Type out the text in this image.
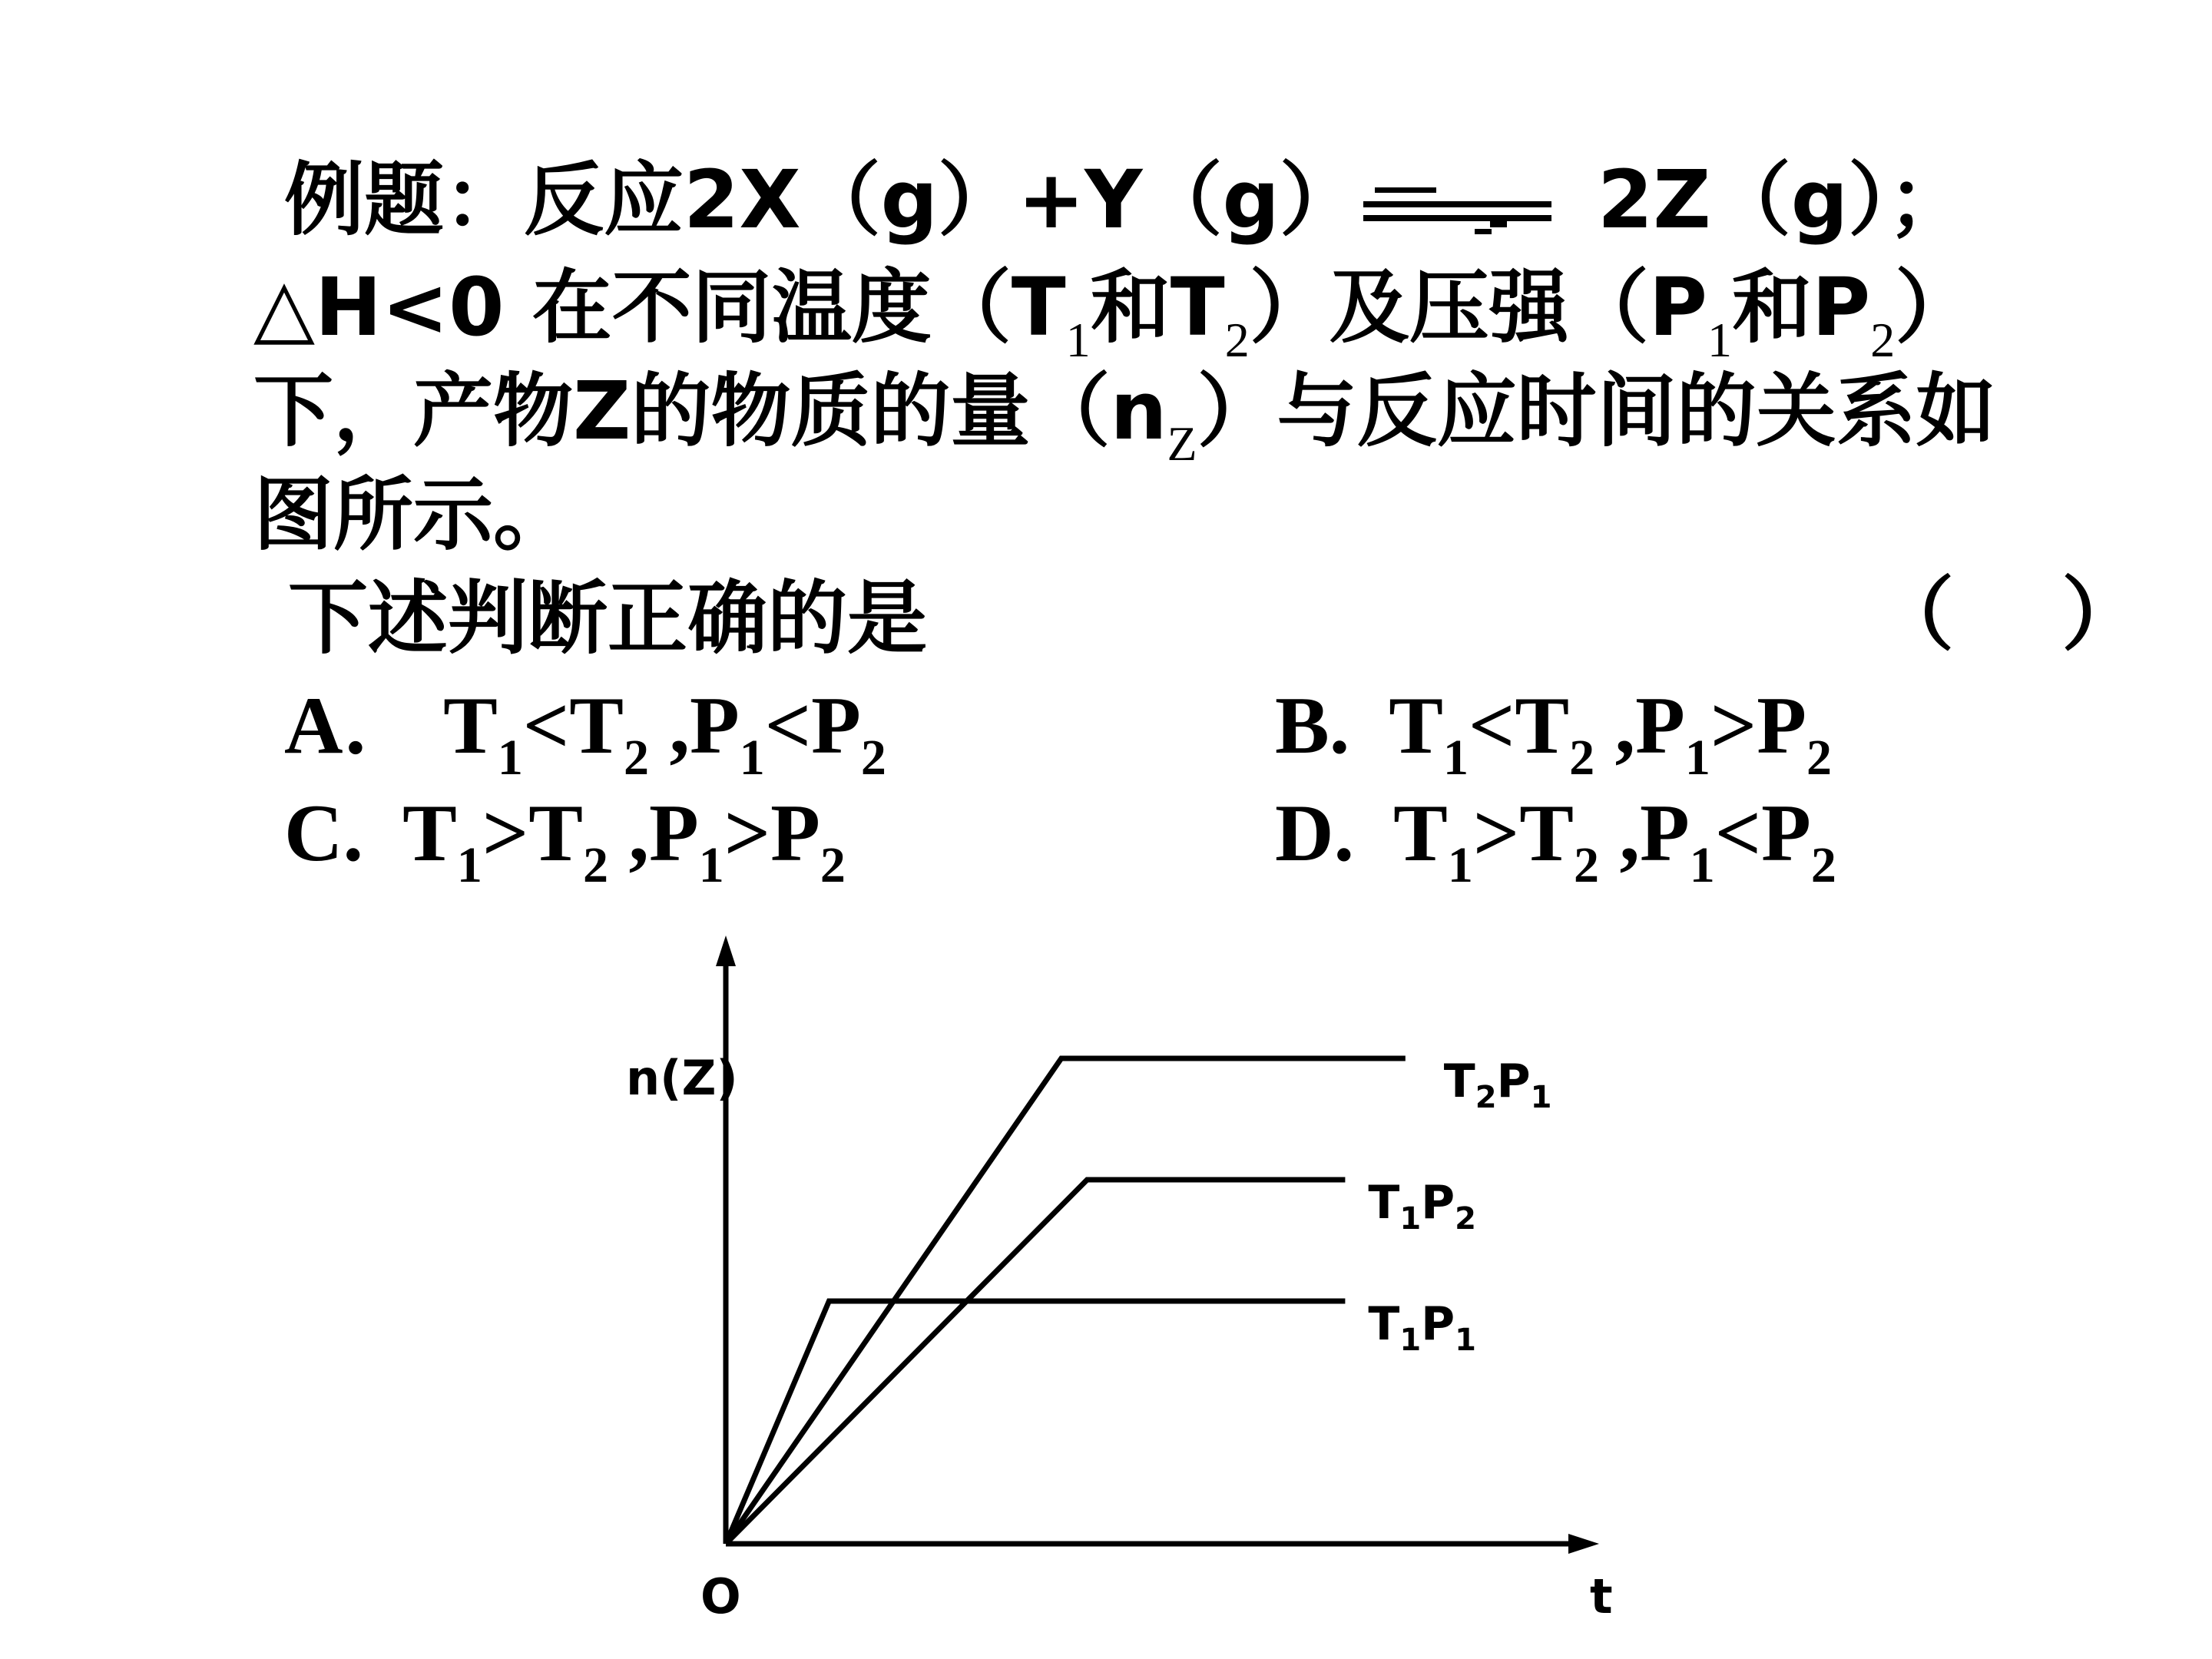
例题：反应2X（g）+Y（g）⇌ 2Z（g）；
△H<0 在不同温度（$T_1$和$T_2$）及压强（$P_1$和$P_2$）
下，产物Z的物质的量$(n_Z)$与反应时间的关系如
图所示。
下述判断正确的是	（　 ）
A． $T_1<T_2$ $,P_1<P_2$	B. $T_1<T_2$ $,P_1>P_2$
C. $T_1>T_2$ $,P_1>P_2$	D. $T_1>T_2$ $,P_1<P_2$
n(Z)
t
O
$T_2P_1$
$T_1P_2$
$T_1P_1$
